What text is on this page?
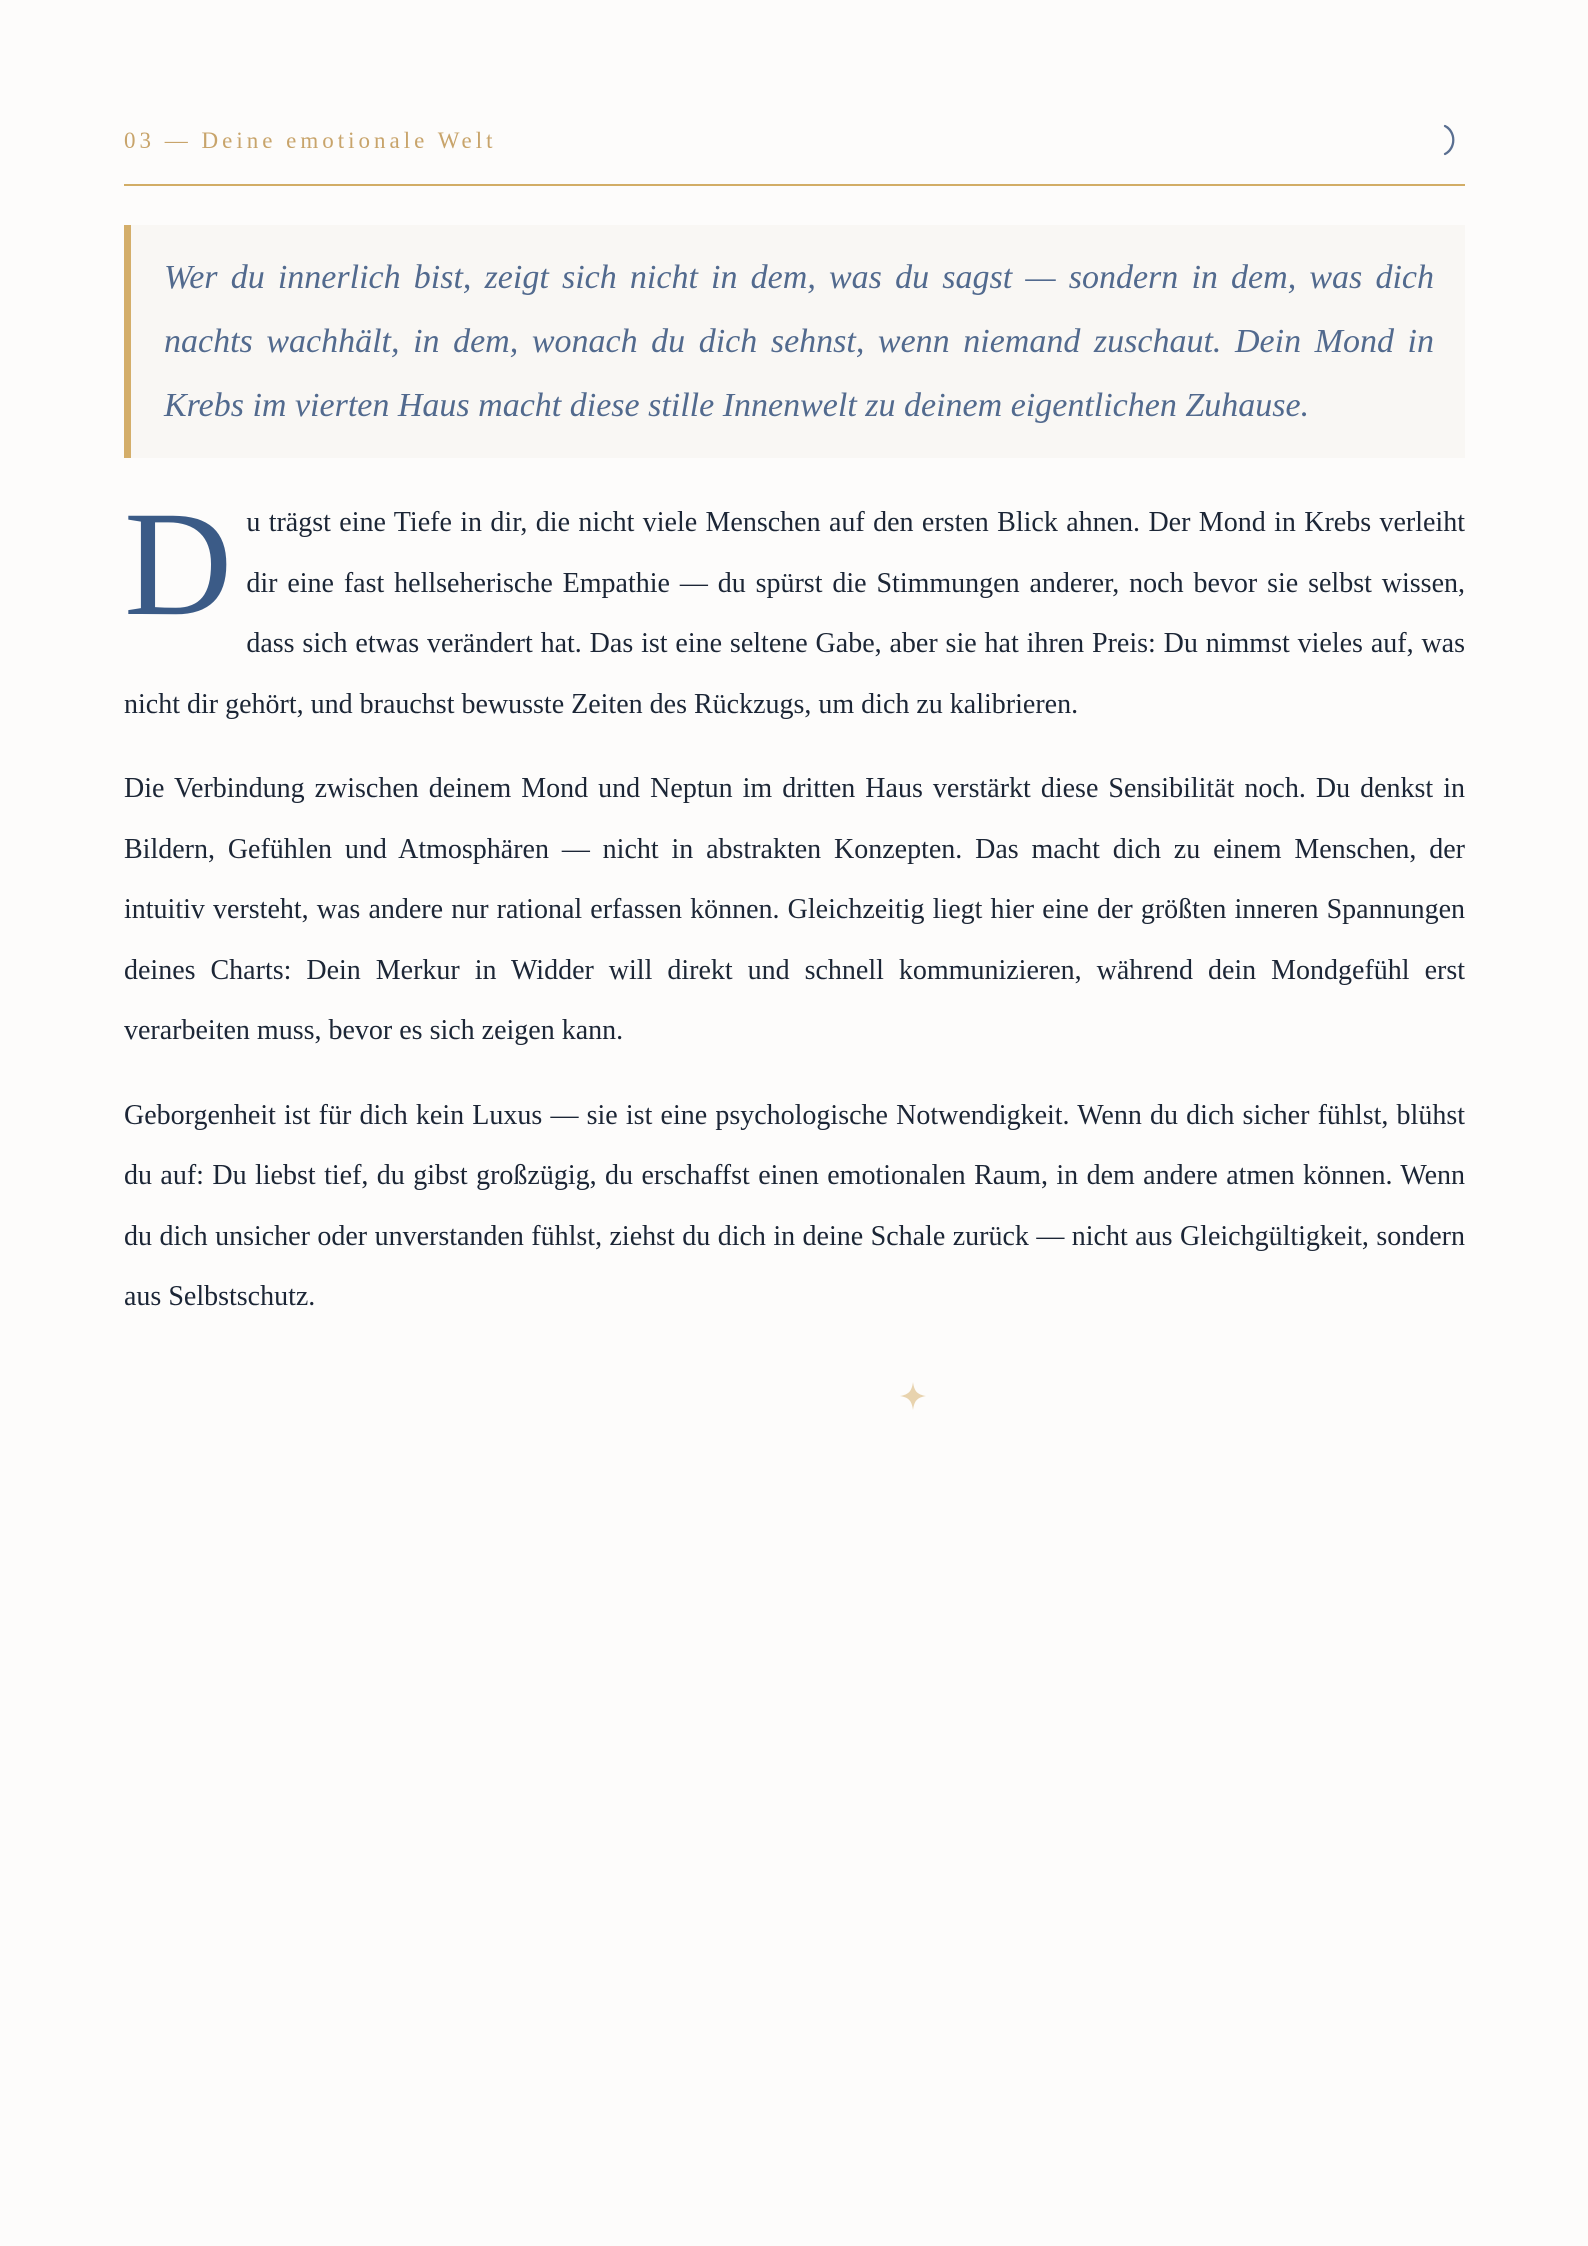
03 — Deine emotionale Welt

Wer du innerlich bist, zeigt sich nicht in dem, was du sagst — sondern in dem, was dich nachts wachhält, in dem, wonach du dich sehnst, wenn niemand zuschaut. Dein Mond in Krebs im vierten Haus macht diese stille Innenwelt zu deinem eigentlichen Zuhause.

Du trägst eine Tiefe in dir, die nicht viele Menschen auf den ersten Blick ahnen. Der Mond in Krebs verleiht dir eine fast hellseherische Empathie — du spürst die Stimmungen anderer, noch bevor sie selbst wissen, dass sich etwas verändert hat. Das ist eine seltene Gabe, aber sie hat ihren Preis: Du nimmst vieles auf, was nicht dir gehört, und brauchst bewusste Zeiten des Rückzugs, um dich zu kalibrieren.

Die Verbindung zwischen deinem Mond und Neptun im dritten Haus verstärkt diese Sensibilität noch. Du denkst in Bildern, Gefühlen und Atmosphären — nicht in abstrakten Konzepten. Das macht dich zu einem Menschen, der intuitiv versteht, was andere nur rational erfassen können. Gleichzeitig liegt hier eine der größten inneren Spannungen deines Charts: Dein Merkur in Widder will direkt und schnell kommunizieren, während dein Mondgefühl erst verarbeiten muss, bevor es sich zeigen kann.

Geborgenheit ist für dich kein Luxus — sie ist eine psychologische Notwendigkeit. Wenn du dich sicher fühlst, blühst du auf: Du liebst tief, du gibst großzügig, du erschaffst einen emotionalen Raum, in dem andere atmen können. Wenn du dich unsicher oder unverstanden fühlst, ziehst du dich in deine Schale zurück — nicht aus Gleichgültigkeit, sondern aus Selbstschutz.
